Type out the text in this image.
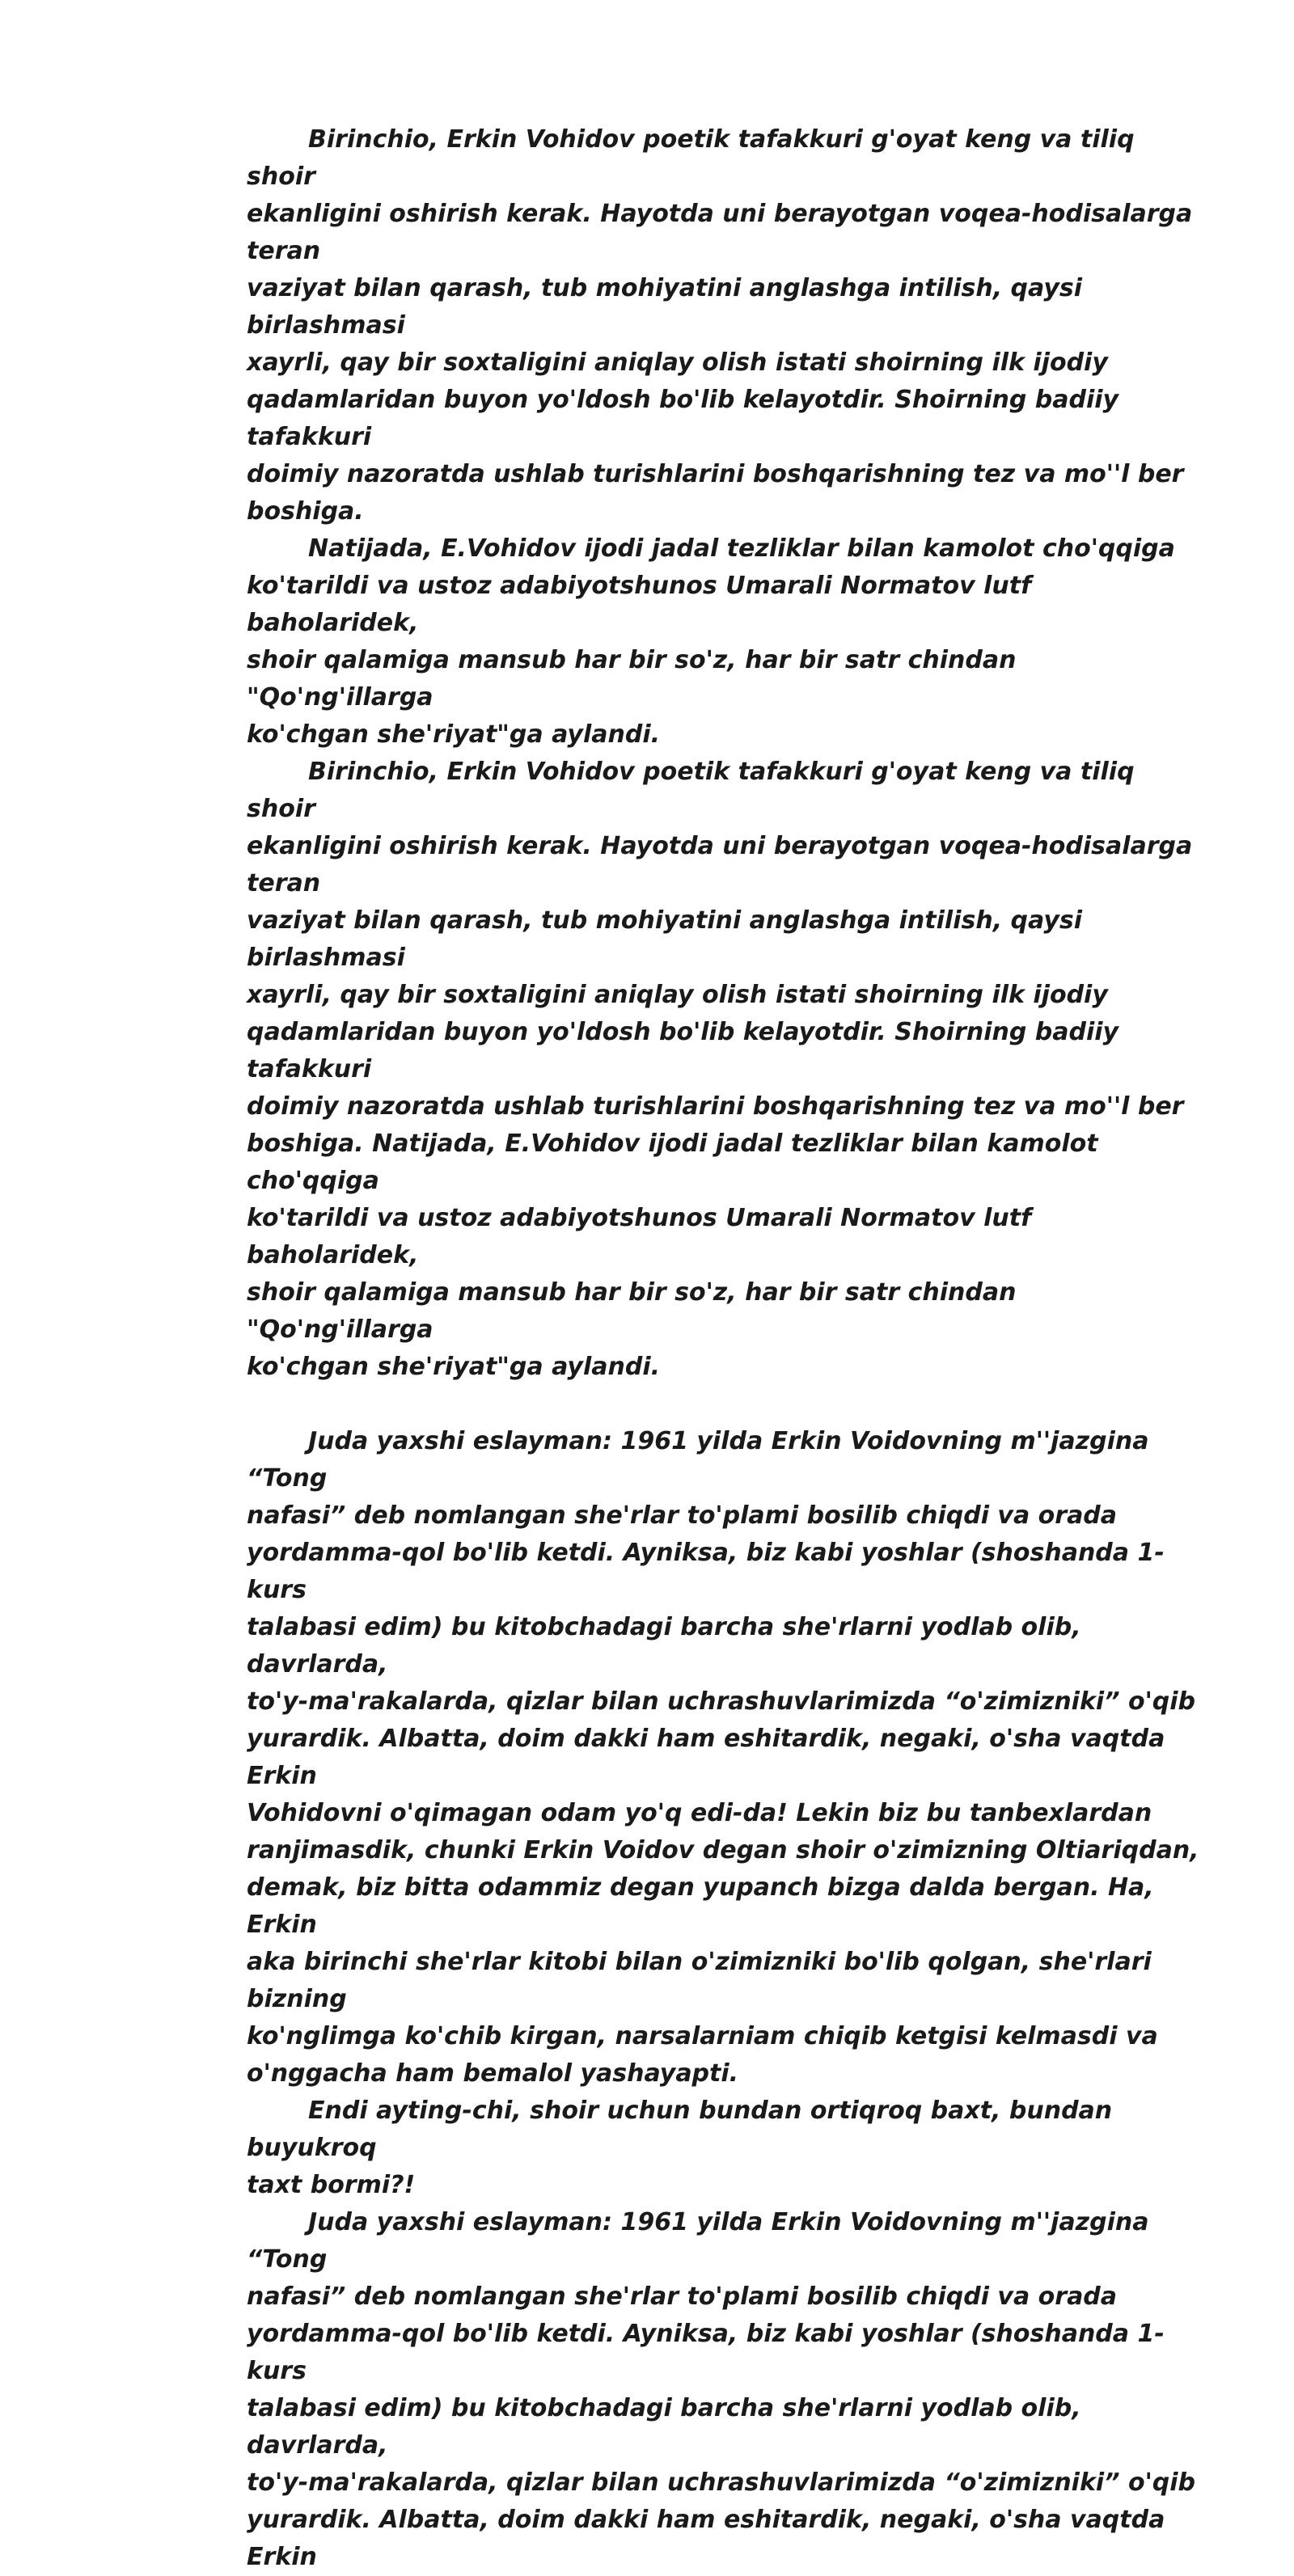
Birinchio, Erkin Vohidov poetik tafakkuri g'oyat keng va tiliq shoir
ekanligini oshirish kerak. Hayotda uni berayotgan voqea-hodisalarga teran
vaziyat bilan qarash, tub mohiyatini anglashga intilish, qaysi birlashmasi
xayrli, qay bir soxtaligini aniqlay olish istati shoirning ilk ijodiy
qadamlaridan buyon yo'ldosh bo'lib kelayotdir. Shoirning badiiy tafakkuri
doimiy nazoratda ushlab turishlarini boshqarishning tez va mo''l ber
boshiga.

Natijada, E.Vohidov ijodi jadal tezliklar bilan kamolot cho'qqiga
ko'tarildi va ustoz adabiyotshunos Umarali Normatov lutf baholaridek,
shoir qalamiga mansub har bir so'z, har bir satr chindan "Qo'ng'illarga
ko'chgan she'riyat"ga aylandi.

Birinchio, Erkin Vohidov poetik tafakkuri g'oyat keng va tiliq shoir
ekanligini oshirish kerak. Hayotda uni berayotgan voqea-hodisalarga teran
vaziyat bilan qarash, tub mohiyatini anglashga intilish, qaysi birlashmasi
xayrli, qay bir soxtaligini aniqlay olish istati shoirning ilk ijodiy
qadamlaridan buyon yo'ldosh bo'lib kelayotdir. Shoirning badiiy tafakkuri
doimiy nazoratda ushlab turishlarini boshqarishning tez va mo''l ber
boshiga. Natijada, E.Vohidov ijodi jadal tezliklar bilan kamolot cho'qqiga
ko'tarildi va ustoz adabiyotshunos Umarali Normatov lutf baholaridek,
shoir qalamiga mansub har bir so'z, har bir satr chindan "Qo'ng'illarga
ko'chgan she'riyat"ga aylandi.

Juda yaxshi eslayman: 1961 yilda Erkin Voidovning m''jazgina “Tong
nafasi” deb nomlangan she'rlar to'plami bosilib chiqdi va orada
yordamma-qol bo'lib ketdi. Ayniksa, biz kabi yoshlar (shoshanda 1-kurs
talabasi edim) bu kitobchadagi barcha she'rlarni yodlab olib, davrlarda,
to'y-ma'rakalarda, qizlar bilan uchrashuvlarimizda “o'zimizniki” o'qib
yurardik. Albatta, doim dakki ham eshitardik, negaki, o'sha vaqtda Erkin
Vohidovni o'qimagan odam yo'q edi-da! Lekin biz bu tanbexlardan
ranjimasdik, chunki Erkin Voidov degan shoir o'zimizning Oltiariqdan,
demak, biz bitta odammiz degan yupanch bizga dalda bergan. Ha, Erkin
aka birinchi she'rlar kitobi bilan o'zimizniki bo'lib qolgan, she'rlari bizning
ko'nglimga ko'chib kirgan, narsalarniam chiqib ketgisi kelmasdi va
o'nggacha ham bemalol yashayapti.

Endi ayting-chi, shoir uchun bundan ortiqroq baxt, bundan buyukroq
taxt bormi?!

Juda yaxshi eslayman: 1961 yilda Erkin Voidovning m''jazgina “Tong
nafasi” deb nomlangan she'rlar to'plami bosilib chiqdi va orada
yordamma-qol bo'lib ketdi. Ayniksa, biz kabi yoshlar (shoshanda 1-kurs
talabasi edim) bu kitobchadagi barcha she'rlarni yodlab olib, davrlarda,
to'y-ma'rakalarda, qizlar bilan uchrashuvlarimizda “o'zimizniki” o'qib
yurardik. Albatta, doim dakki ham eshitardik, negaki, o'sha vaqtda Erkin
